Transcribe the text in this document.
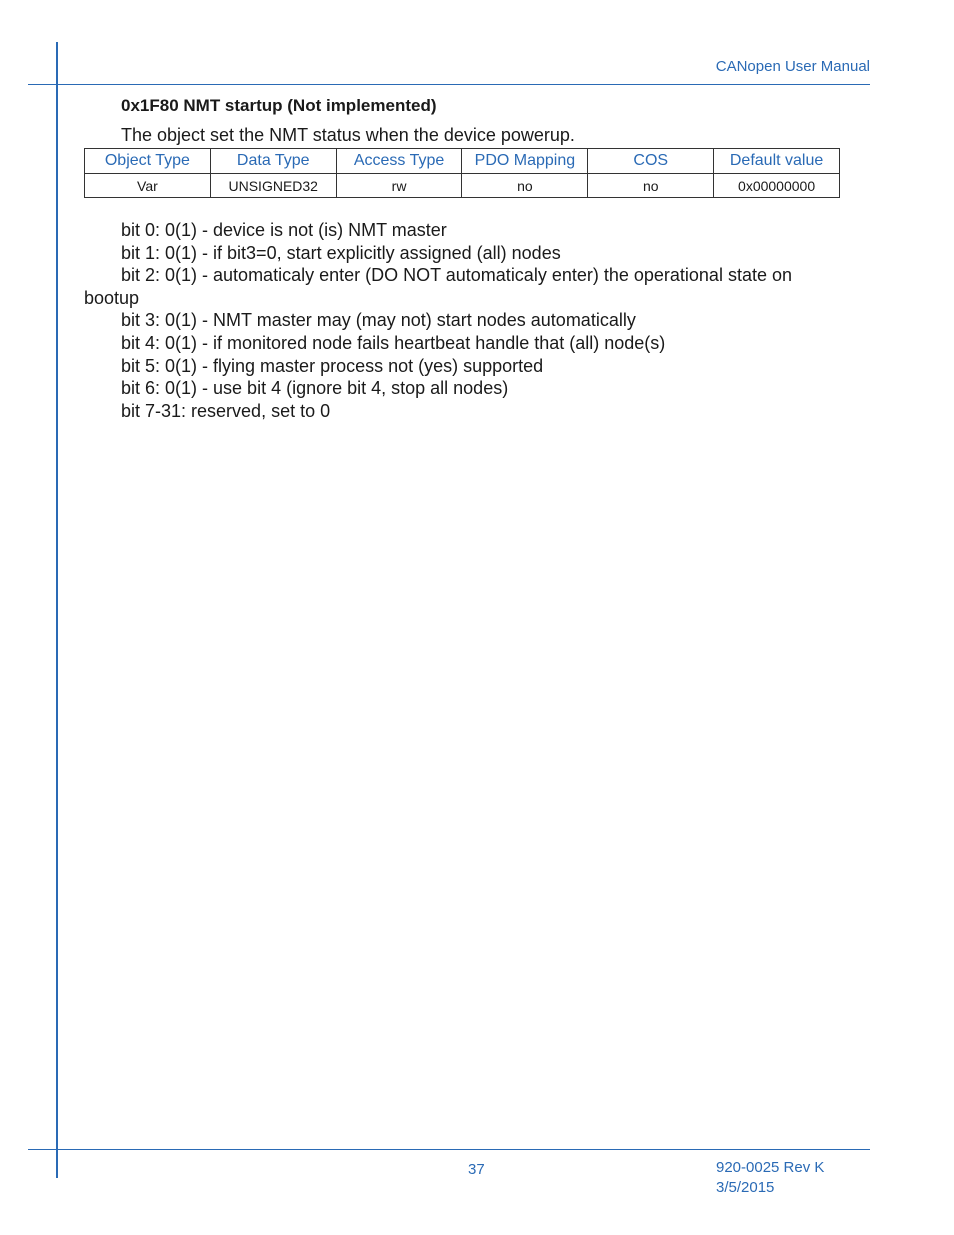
CANopen User Manual
0x1F80 NMT startup (Not implemented)
The object set the NMT status when the device powerup.
Object Type	Data Type	Access Type	PDO Mapping	COS	Default value
Var	UNSIGNED32	rw	no	no	0x00000000
bit 0: 0(1) - device is not (is) NMT master
bit 1: 0(1) - if bit3=0, start explicitly assigned (all) nodes
bit 2: 0(1) - automaticaly enter (DO NOT automaticaly enter) the operational state on
bootup
bit 3: 0(1) - NMT master may (may not) start nodes automatically
bit 4: 0(1) - if monitored node fails heartbeat handle that (all) node(s)
bit 5: 0(1) - flying master process not (yes) supported
bit 6: 0(1) - use bit 4 (ignore bit 4, stop all nodes)
bit 7-31: reserved, set to 0
37	920-0025 Rev K
3/5/2015
